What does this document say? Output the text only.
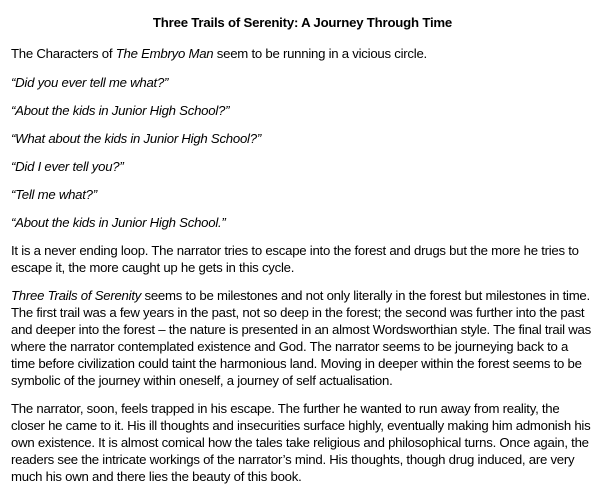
Three Trails of Serenity: A Journey Through Time

The Characters of The Embryo Man seem to be running in a vicious circle.

“Did you ever tell me what?”

“About the kids in Junior High School?”

“What about the kids in Junior High School?”

“Did I ever tell you?”

“Tell me what?”

“About the kids in Junior High School.”

It is a never ending loop. The narrator tries to escape into the forest and drugs but the more he tries to escape it, the more caught up he gets in this cycle.

Three Trails of Serenity seems to be milestones and not only literally in the forest but milestones in time. The first trail was a few years in the past, not so deep in the forest; the second was further into the past and deeper into the forest – the nature is presented in an almost Wordsworthian style. The final trail was where the narrator contemplated existence and God. The narrator seems to be journeying back to a time before civilization could taint the harmonious land. Moving in deeper within the forest seems to be symbolic of the journey within oneself, a journey of self actualisation.

The narrator, soon, feels trapped in his escape. The further he wanted to run away from reality, the closer he came to it. His ill thoughts and insecurities surface highly, eventually making him admonish his own existence. It is almost comical how the tales take religious and philosophical turns. Once again, the readers see the intricate workings of the narrator’s mind. His thoughts, though drug induced, are very much his own and there lies the beauty of this book.
